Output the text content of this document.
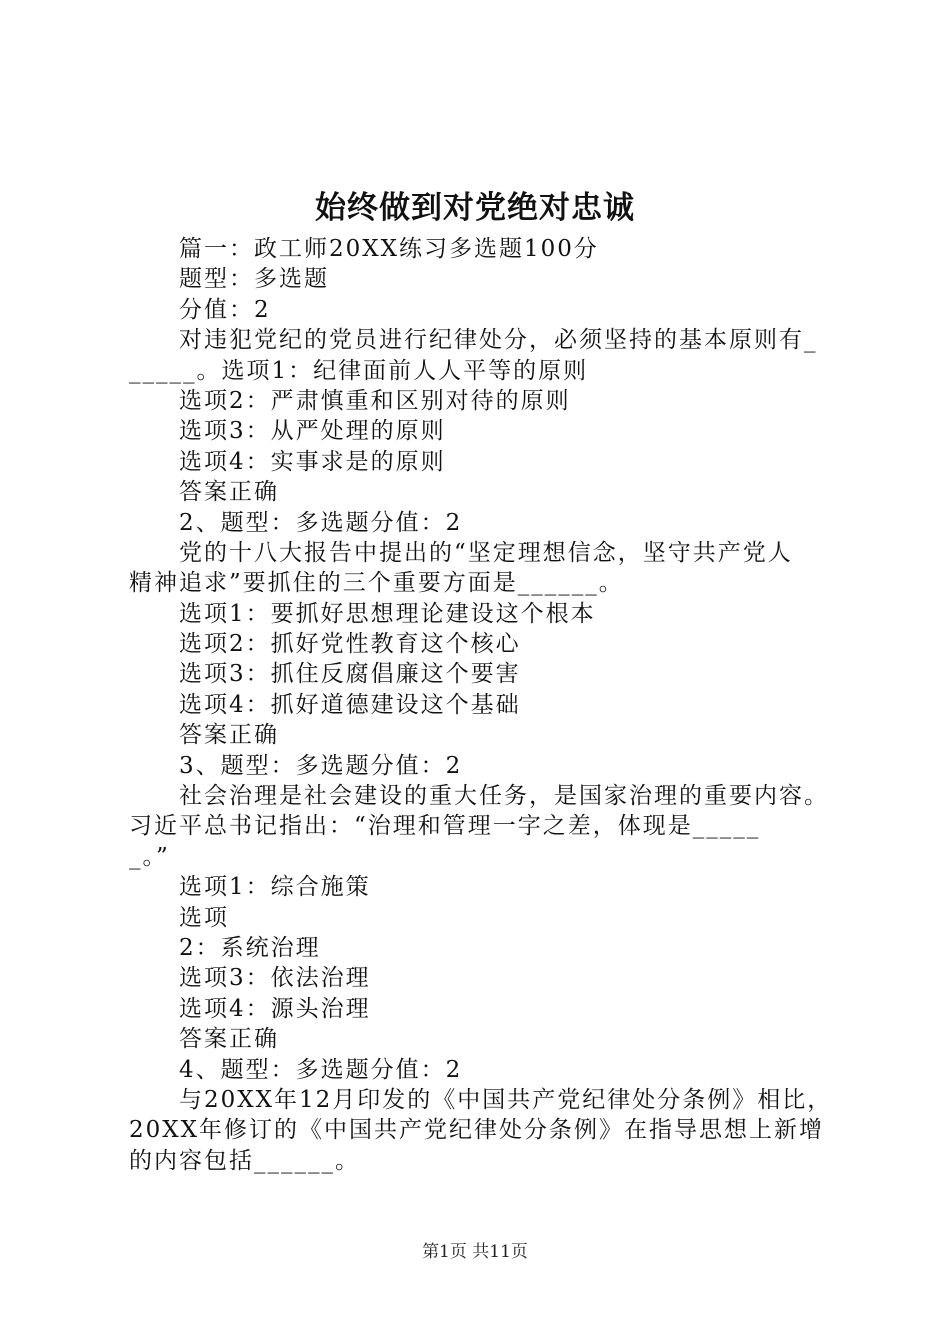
始终做到对党绝对忠诚
篇一：政工师20XX练习多选题100分
题型：多选题
分值：2
对违犯党纪的党员进行纪律处分，必须坚持的基本原则有_
_____。选项1：纪律面前人人平等的原则
选项2：严肃慎重和区别对待的原则
选项3：从严处理的原则
选项4：实事求是的原则
答案正确
2、题型：多选题分值：2
党的十八大报告中提出的“坚定理想信念，坚守共产党人
精神追求”要抓住的三个重要方面是______。
选项1：要抓好思想理论建设这个根本
选项2：抓好党性教育这个核心
选项3：抓住反腐倡廉这个要害
选项4：抓好道德建设这个基础
答案正确
3、题型：多选题分值：2
社会治理是社会建设的重大任务，是国家治理的重要内容。
习近平总书记指出：“治理和管理一字之差，体现是_____
_。”
选项1：综合施策
选项
2：系统治理
选项3：依法治理
选项4：源头治理
答案正确
4、题型：多选题分值：2
与20XX年12月印发的《中国共产党纪律处分条例》相比，
20XX年修订的《中国共产党纪律处分条例》在指导思想上新增
的内容包括______。
第1页 共11页
